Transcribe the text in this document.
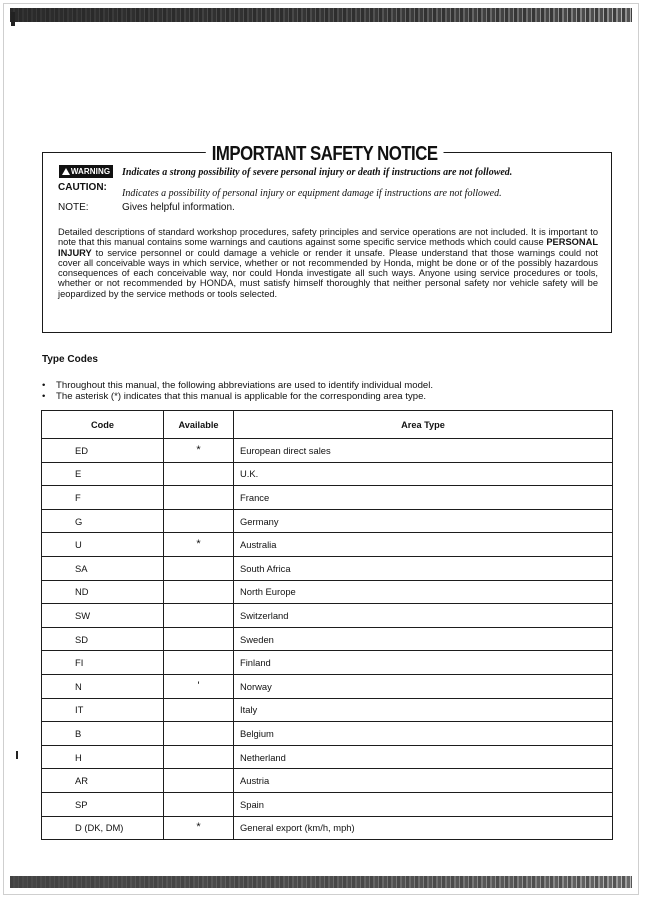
IMPORTANT SAFETY NOTICE
WARNING Indicates a strong possibility of severe personal injury or death if instructions are not followed.
CAUTION:
Indicates a possibility of personal injury or equipment damage if instructions are not followed.
NOTE:	Gives helpful information.
Detailed descriptions of standard workshop procedures, safety principles and service operations are not included. It is important to note that this manual contains some warnings and cautions against some specific service methods which could cause PERSONAL INJURY to service personnel or could damage a vehicle or render it unsafe. Please understand that those warnings could not cover all conceivable ways in which service, whether or not recommended by Honda, might be done or of the possibly hazardous consequences of each conceivable way, nor could Honda investigate all such ways. Anyone using service procedures or tools, whether or not recommended by HONDA, must satisfy himself thoroughly that neither personal safety nor vehicle safety will be jeopardized by the service methods or tools selected.
Type Codes
• Throughout this manual, the following abbreviations are used to identify individual model.
• The asterisk (*) indicates that this manual is applicable for the corresponding area type.
Code	Available	Area Type
ED	*	European direct sales
E		U.K.
F		France
G		Germany
U	*	Australia
SA		South Africa
ND		North Europe
SW		Switzerland
SD		Sweden
FI		Finland
N	'	Norway
IT		Italy
B		Belgium
H		Netherland
AR		Austria
SP		Spain
D (DK, DM)	*	General export (km/h, mph)
